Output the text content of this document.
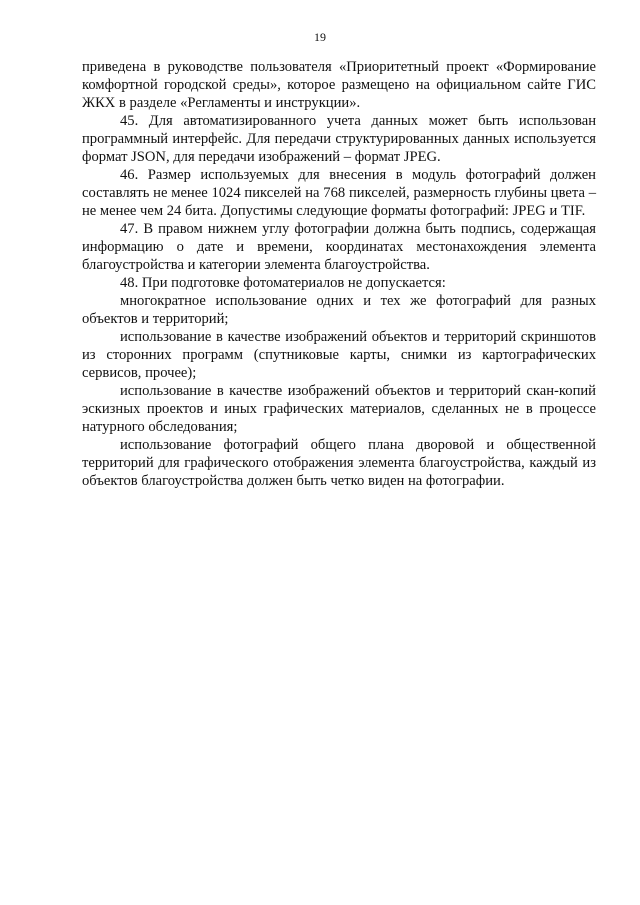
19

приведена в руководстве пользователя «Приоритетный проект «Формирование комфортной городской среды», которое размещено на официальном сайте ГИС ЖКХ в разделе «Регламенты и инструкции».

45. Для автоматизированного учета данных может быть использован программный интерфейс. Для передачи структурированных данных используется формат JSON, для передачи изображений – формат JPEG.

46. Размер используемых для внесения в модуль фотографий должен составлять не менее 1024 пикселей на 768 пикселей, размерность глубины цвета – не менее чем 24 бита. Допустимы следующие форматы фотографий: JPEG и TIF.

47. В правом нижнем углу фотографии должна быть подпись, содержащая информацию о дате и времени, координатах местонахождения элемента благоустройства и категории элемента благоустройства.

48. При подготовке фотоматериалов не допускается:

многократное использование одних и тех же фотографий для разных объектов и территорий;

использование в качестве изображений объектов и территорий скриншотов из сторонних программ (спутниковые карты, снимки из картографических сервисов, прочее);

использование в качестве изображений объектов и территорий скан-копий эскизных проектов и иных графических материалов, сделанных не в процессе натурного обследования;

использование фотографий общего плана дворовой и общественной территорий для графического отображения элемента благоустройства, каждый из объектов благоустройства должен быть четко виден на фотографии.
